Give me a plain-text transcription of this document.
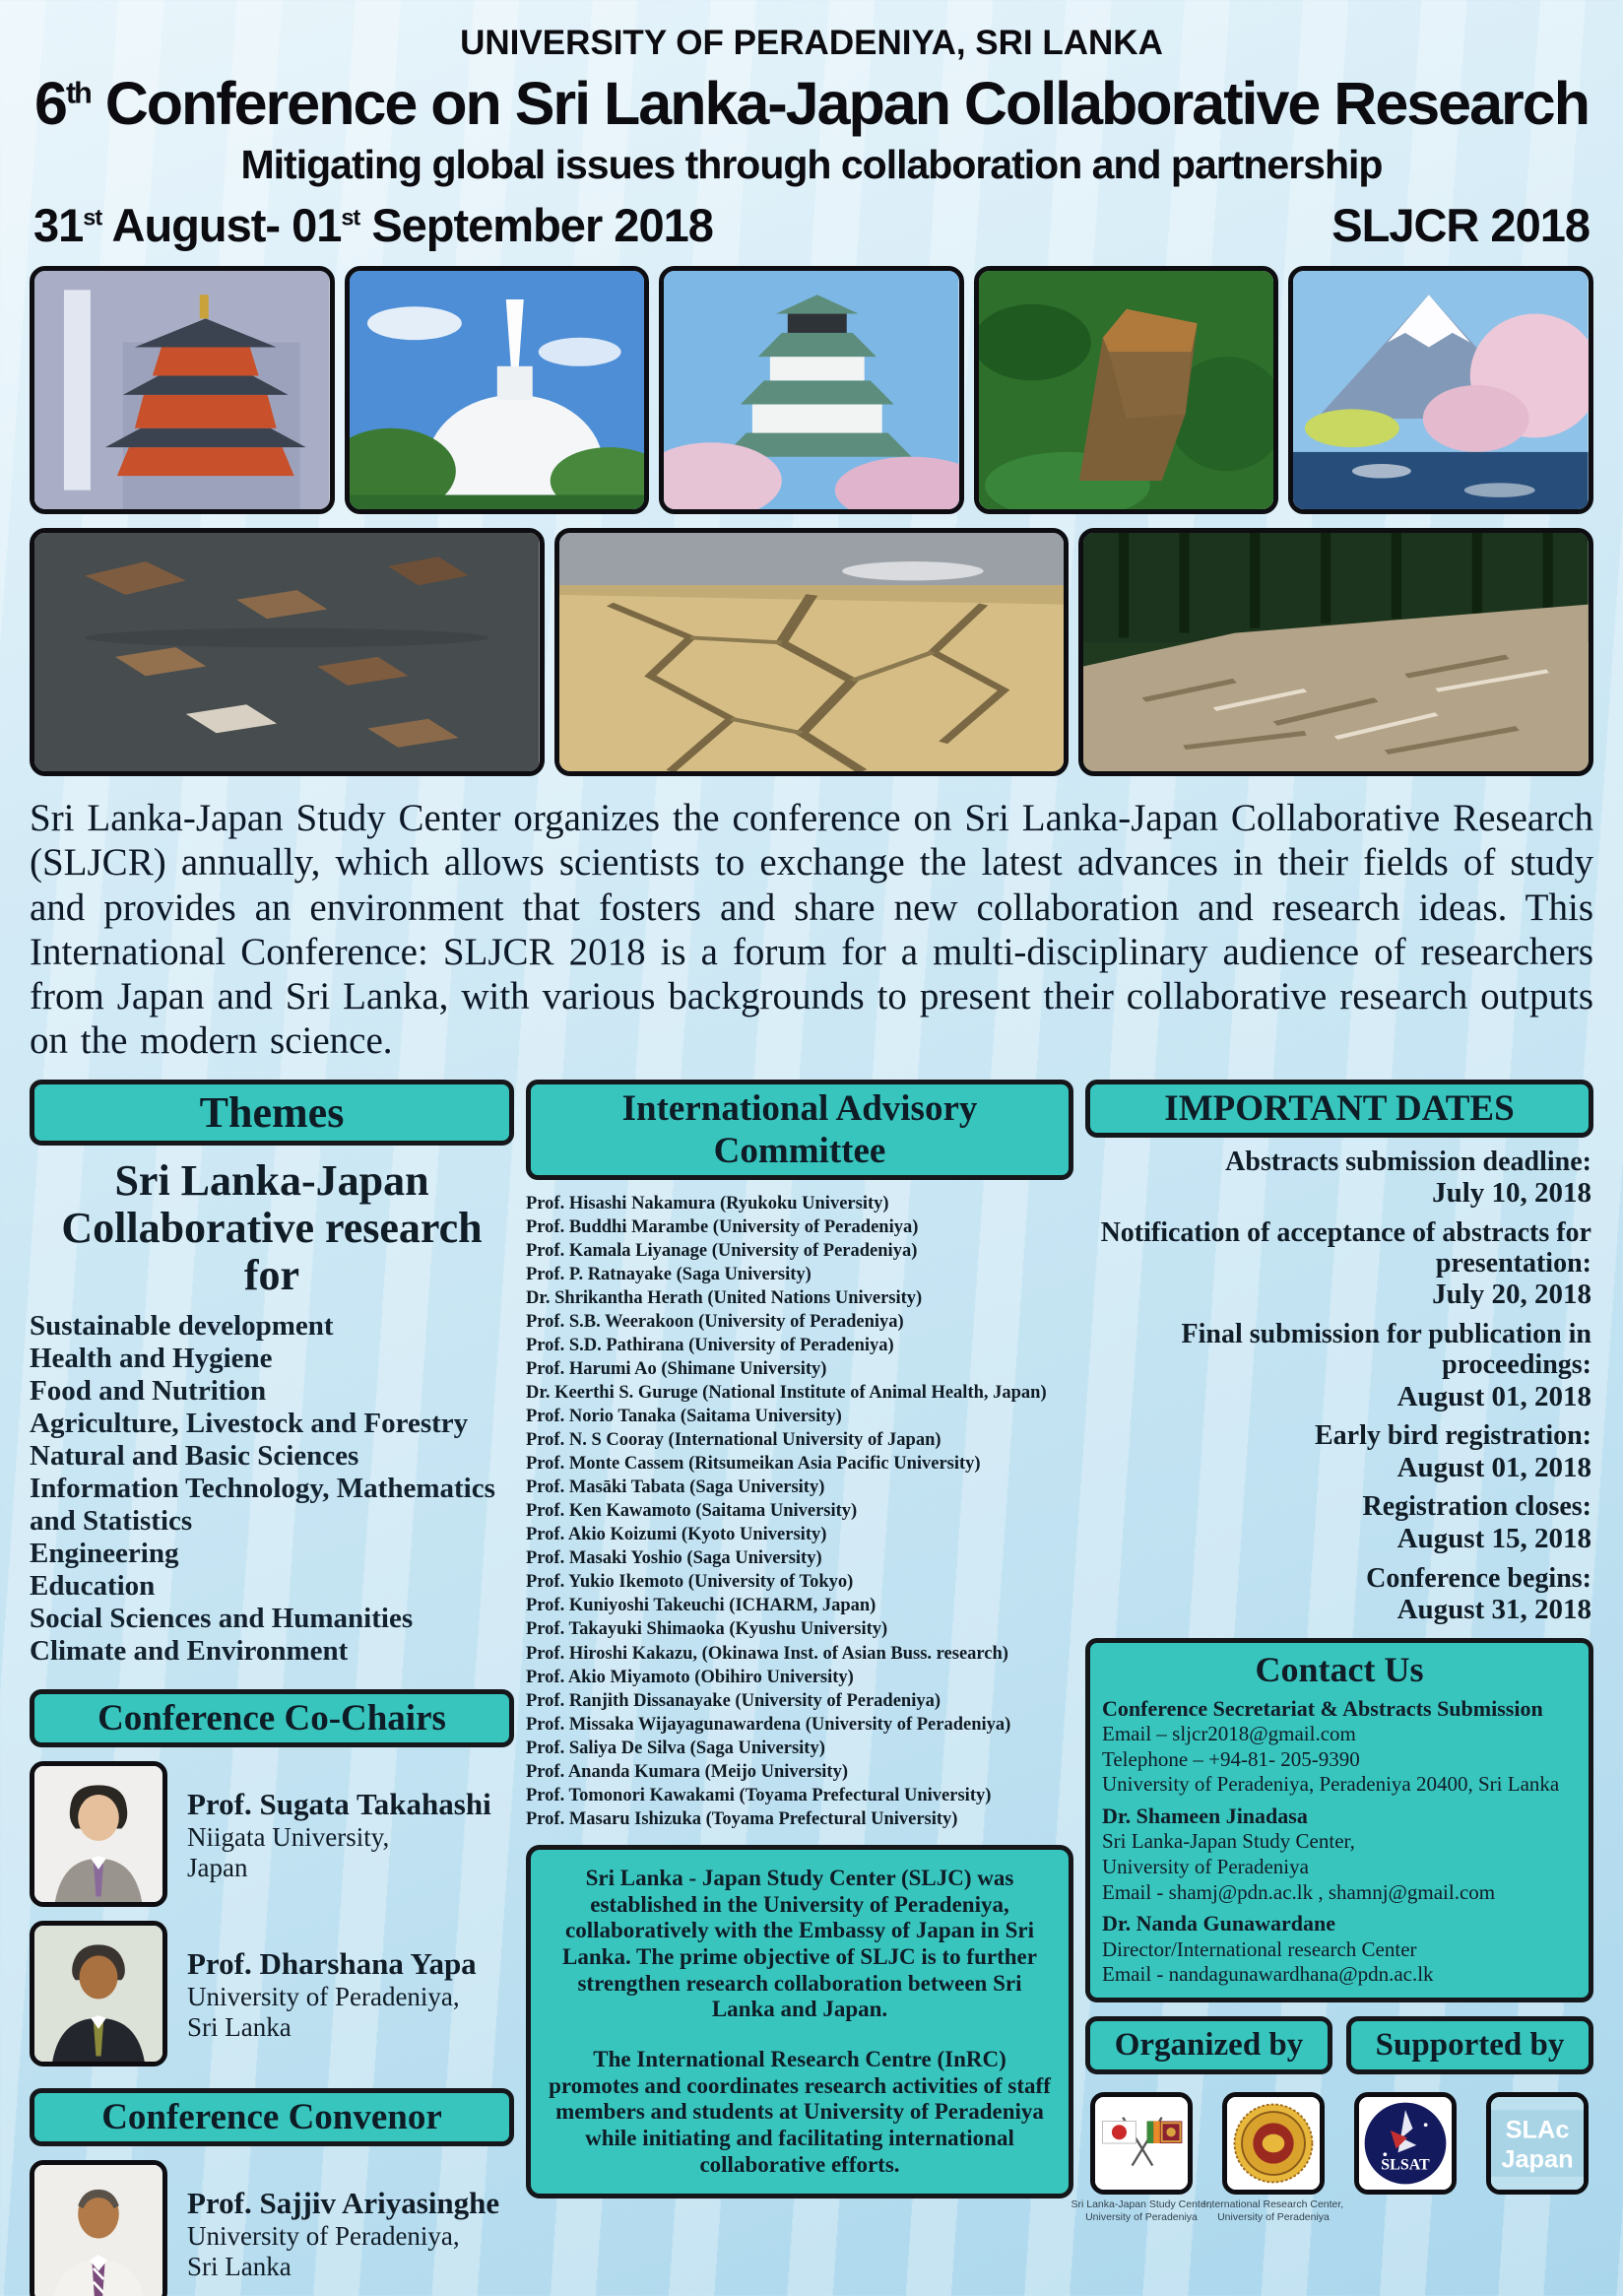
UNIVERSITY OF PERADENIYA, SRI LANKA
6th Conference on Sri Lanka-Japan Collaborative Research
Mitigating global issues through collaboration and partnership
31st August- 01st September 2018	SLJCR 2018

Sri Lanka-Japan Study Center organizes the conference on Sri Lanka-Japan Collaborative Research (SLJCR) annually, which allows scientists to exchange the latest advances in their fields of study and provides an environment that fosters and share new collaboration and research ideas. This International Conference: SLJCR 2018 is a forum for a multi-disciplinary audience of researchers from Japan and Sri Lanka, with various backgrounds to present their collaborative research outputs on the modern science.

Themes
Sri Lanka-Japan
Collaborative research for
Sustainable development
Health and Hygiene
Food and Nutrition
Agriculture, Livestock and Forestry
Natural and Basic Sciences
Information Technology, Mathematics and Statistics
Engineering
Education
Social Sciences and Humanities
Climate and Environment
Conference Co-Chairs
Prof. Sugata Takahashi
Niigata University,
Japan
Prof. Dharshana Yapa
University of Peradeniya,
Sri Lanka
Conference Convenor
Prof. Sajjiv Ariyasinghe
University of Peradeniya,
Sri Lanka
International Advisory Committee
Prof. Hisashi Nakamura (Ryukoku University)
Prof. Buddhi Marambe (University of Peradeniya)
Prof. Kamala Liyanage (University of Peradeniya)
Prof. P. Ratnayake (Saga University)
Dr. Shrikantha Herath (United Nations University)
Prof. S.B. Weerakoon (University of Peradeniya)
Prof. S.D. Pathirana (University of Peradeniya)
Prof. Harumi Ao (Shimane University)
Dr. Keerthi S. Guruge (National Institute of Animal Health, Japan)
Prof. Norio Tanaka (Saitama University)
Prof. N. S Cooray (International University of Japan)
Prof. Monte Cassem (Ritsumeikan Asia Pacific University)
Prof. Masāki Tabata (Saga University)
Prof. Ken Kawamoto (Saitama University)
Prof. Akio Koizumi (Kyoto University)
Prof. Masaki Yoshio (Saga University)
Prof. Yukio Ikemoto (University of Tokyo)
Prof. Kuniyoshi Takeuchi (ICHARM, Japan)
Prof. Takayuki Shimaoka (Kyushu University)
Prof. Hiroshi Kakazu, (Okinawa Inst. of Asian Buss. research)
Prof. Akio Miyamoto (Obihiro University)
Prof. Ranjith Dissanayake (University of Peradeniya)
Prof. Missaka Wijayagunawardena (University of Peradeniya)
Prof. Saliya De Silva (Saga University)
Prof. Ananda Kumara (Meijo University)
Prof. Tomonori Kawakami (Toyama Prefectural University)
Prof. Masaru Ishizuka (Toyama Prefectural University)

Sri Lanka - Japan Study Center (SLJC) was established in the University of Peradeniya, collaboratively with the Embassy of Japan in Sri Lanka. The prime objective of SLJC is to further strengthen research collaboration between Sri Lanka and Japan.

The International Research Centre (InRC) promotes and coordinates research activities of staff members and students at University of Peradeniya while initiating and facilitating international collaborative efforts.

IMPORTANT DATES
Abstracts submission deadline:
July 10, 2018
Notification of acceptance of abstracts for presentation:
July 20, 2018
Final submission for publication in proceedings:
August 01, 2018
Early bird registration:
August 01, 2018
Registration closes:
August 15, 2018
Conference begins:
August 31, 2018
Contact Us
Conference Secretariat & Abstracts Submission
Email – sljcr2018@gmail.com
Telephone – +94-81- 205-9390
University of Peradeniya, Peradeniya 20400, Sri Lanka
Dr. Shameen Jinadasa
Sri Lanka-Japan Study Center,
University of Peradeniya
Email - shamj@pdn.ac.lk , shamnj@gmail.com
Dr. Nanda Gunawardane
Director/International research Center
Email - nandagunawardhana@pdn.ac.lk
Organized by	Supported by
Sri Lanka-Japan Study Center,
University of Peradeniya
International Research Center,
University of Peradeniya
SLSAT
SLAc
Japan
